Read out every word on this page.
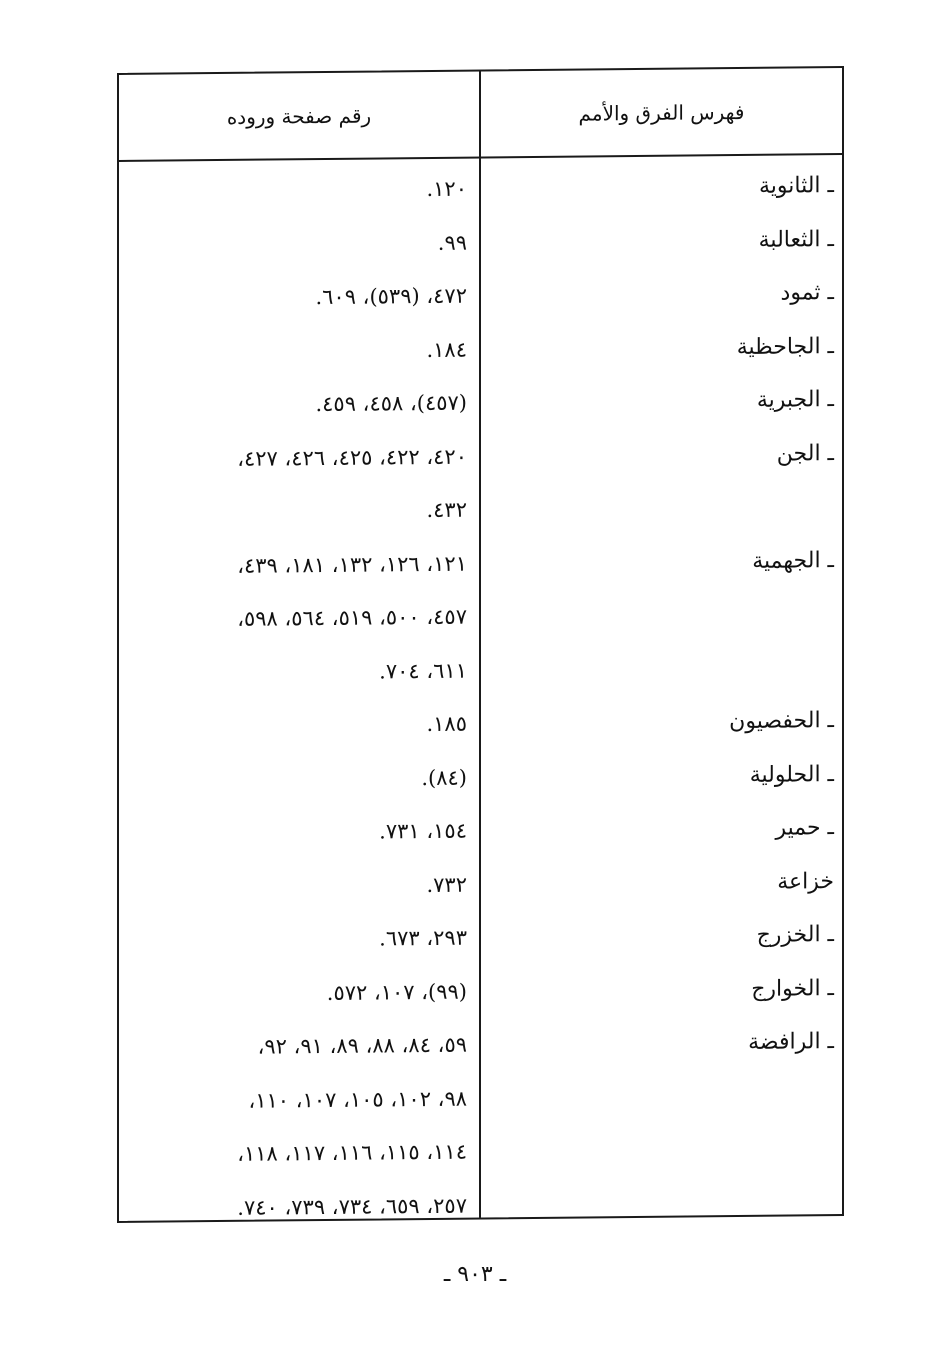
فهرس الفرق والأمم
رقم صفحة وروده
ـ الثانوية
١٢٠.
ـ الثعالبة
٩٩.
ـ ثمود
٤٧٢، (٥٣٩)، ٦٠٩.
ـ الجاحظية
١٨٤.
ـ الجبرية
(٤٥٧)، ٤٥٨، ٤٥٩.
ـ الجن
٤٢٠، ٤٢٢، ٤٢٥، ٤٢٦، ٤٢٧،
٤٣٢.
ـ الجهمية
١٢١، ١٢٦، ١٣٢، ١٨١، ٤٣٩،
٤٥٧، ٥٠٠، ٥١٩، ٥٦٤، ٥٩٨،
٦١١، ٧٠٤.
ـ الحفصيون
١٨٥.
ـ الحلولية
(٨٤).
ـ حمير
١٥٤، ٧٣١.
خزاعة
٧٣٢.
ـ الخزرج
٢٩٣، ٦٧٣.
ـ الخوارج
(٩٩)، ١٠٧، ٥٧٢.
ـ الرافضة
٥٩، ٨٤، ٨٨، ٨٩، ٩١، ٩٢،
٩٨، ١٠٢، ١٠٥، ١٠٧، ١١٠،
١١٤، ١١٥، ١١٦، ١١٧، ١١٨،
٢٥٧، ٦٥٩، ٧٣٤، ٧٣٩، ٧٤٠.
ـ ٩٠٣ ـ
